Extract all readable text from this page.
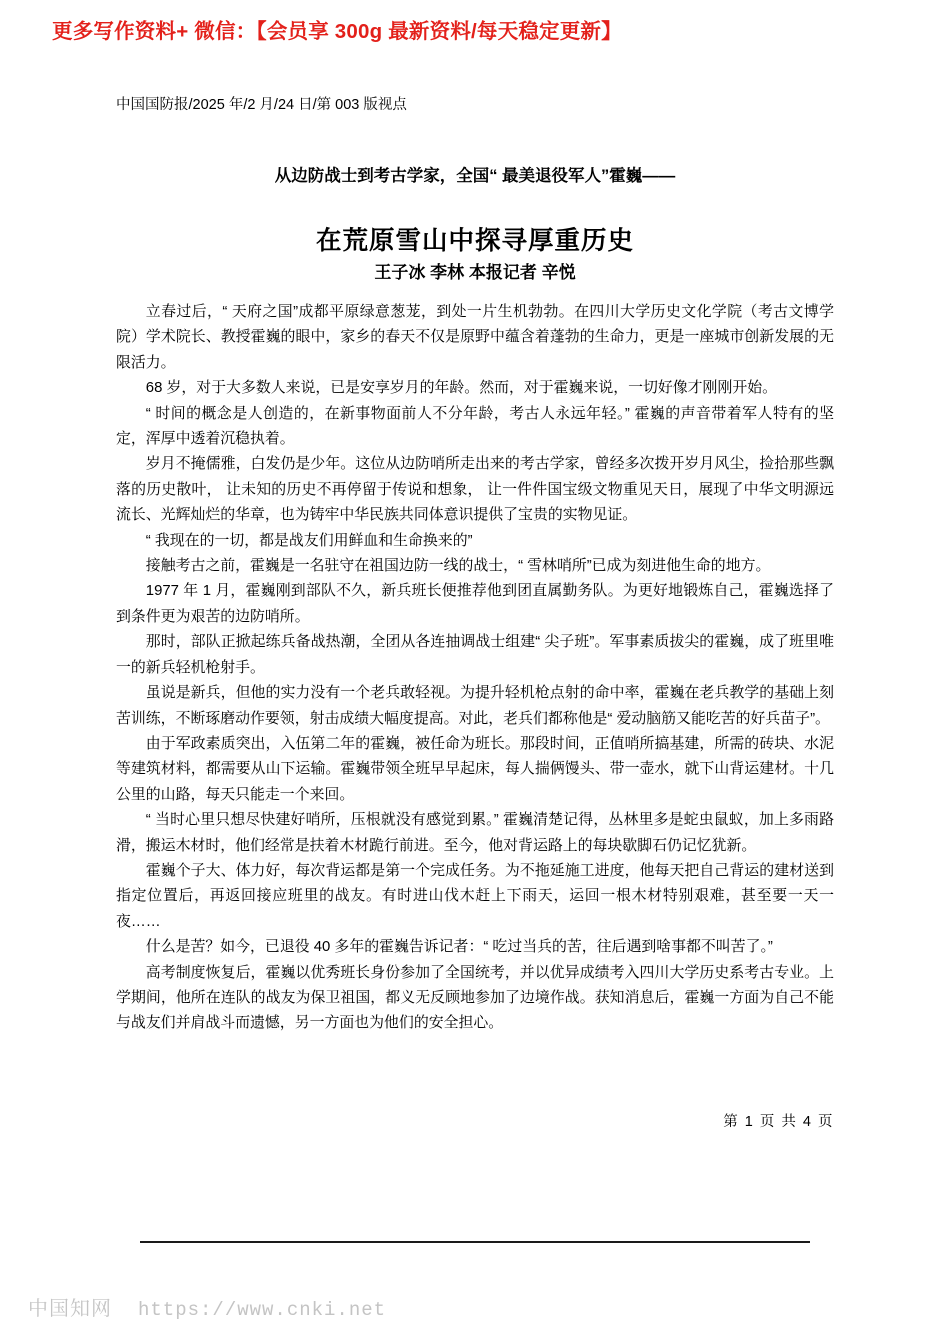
更多写作资料+ 微信：【会员享 300g 最新资料/每天稳定更新】
中国国防报/2025 年/2 月/24 日/第 003 版视点
从边防战士到考古学家，全国“ 最美退役军人”霍巍——
在荒原雪山中探寻厚重历史
王子冰 李林 本报记者 辛悦

立春过后，“ 天府之国”成都平原绿意葱茏，到处一片生机勃勃。在四川大学历史文化学院（考古文博学院）学术院长、教授霍巍的眼中，家乡的春天不仅是原野中蕴含着蓬勃的生命力，更是一座城市创新发展的无限活力。

68 岁，对于大多数人来说，已是安享岁月的年龄。然而，对于霍巍来说，一切好像才刚刚开始。

“ 时间的概念是人创造的，在新事物面前人不分年龄，考古人永远年轻。” 霍巍的声音带着军人特有的坚定，浑厚中透着沉稳执着。

岁月不掩儒雅，白发仍是少年。这位从边防哨所走出来的考古学家，曾经多次拨开岁月风尘，捡拾那些飘落的历史散叶， 让未知的历史不再停留于传说和想象， 让一件件国宝级文物重见天日，展现了中华文明源远流长、光辉灿烂的华章，也为铸牢中华民族共同体意识提供了宝贵的实物见证。

“ 我现在的一切，都是战友们用鲜血和生命换来的”

接触考古之前，霍巍是一名驻守在祖国边防一线的战士，“ 雪林哨所”已成为刻进他生命的地方。

1977 年 1 月，霍巍刚到部队不久，新兵班长便推荐他到团直属勤务队。为更好地锻炼自己，霍巍选择了到条件更为艰苦的边防哨所。

那时，部队正掀起练兵备战热潮，全团从各连抽调战士组建“ 尖子班”。军事素质拔尖的霍巍，成了班里唯一的新兵轻机枪射手。

虽说是新兵，但他的实力没有一个老兵敢轻视。为提升轻机枪点射的命中率，霍巍在老兵教学的基础上刻苦训练，不断琢磨动作要领，射击成绩大幅度提高。对此，老兵们都称他是“ 爱动脑筋又能吃苦的好兵苗子”。

由于军政素质突出，入伍第二年的霍巍，被任命为班长。那段时间，正值哨所搞基建，所需的砖块、水泥等建筑材料，都需要从山下运输。霍巍带领全班早早起床，每人揣俩馒头、带一壶水，就下山背运建材。十几公里的山路，每天只能走一个来回。

“ 当时心里只想尽快建好哨所，压根就没有感觉到累。” 霍巍清楚记得，丛林里多是蛇虫鼠蚁，加上多雨路滑，搬运木材时，他们经常是扶着木材跪行前进。至今，他对背运路上的每块歇脚石仍记忆犹新。

霍巍个子大、体力好，每次背运都是第一个完成任务。为不拖延施工进度，他每天把自己背运的建材送到指定位置后，再返回接应班里的战友。有时进山伐木赶上下雨天，运回一根木材特别艰难，甚至要一天一夜……

什么是苦？如今，已退役 40 多年的霍巍告诉记者：“ 吃过当兵的苦，往后遇到啥事都不叫苦了。”

高考制度恢复后，霍巍以优秀班长身份参加了全国统考，并以优异成绩考入四川大学历史系考古专业。上学期间，他所在连队的战友为保卫祖国，都义无反顾地参加了边境作战。获知消息后，霍巍一方面为自己不能与战友们并肩战斗而遗憾，另一方面也为他们的安全担心。

第 1 页 共 4 页
中国知网 https://www.cnki.net
